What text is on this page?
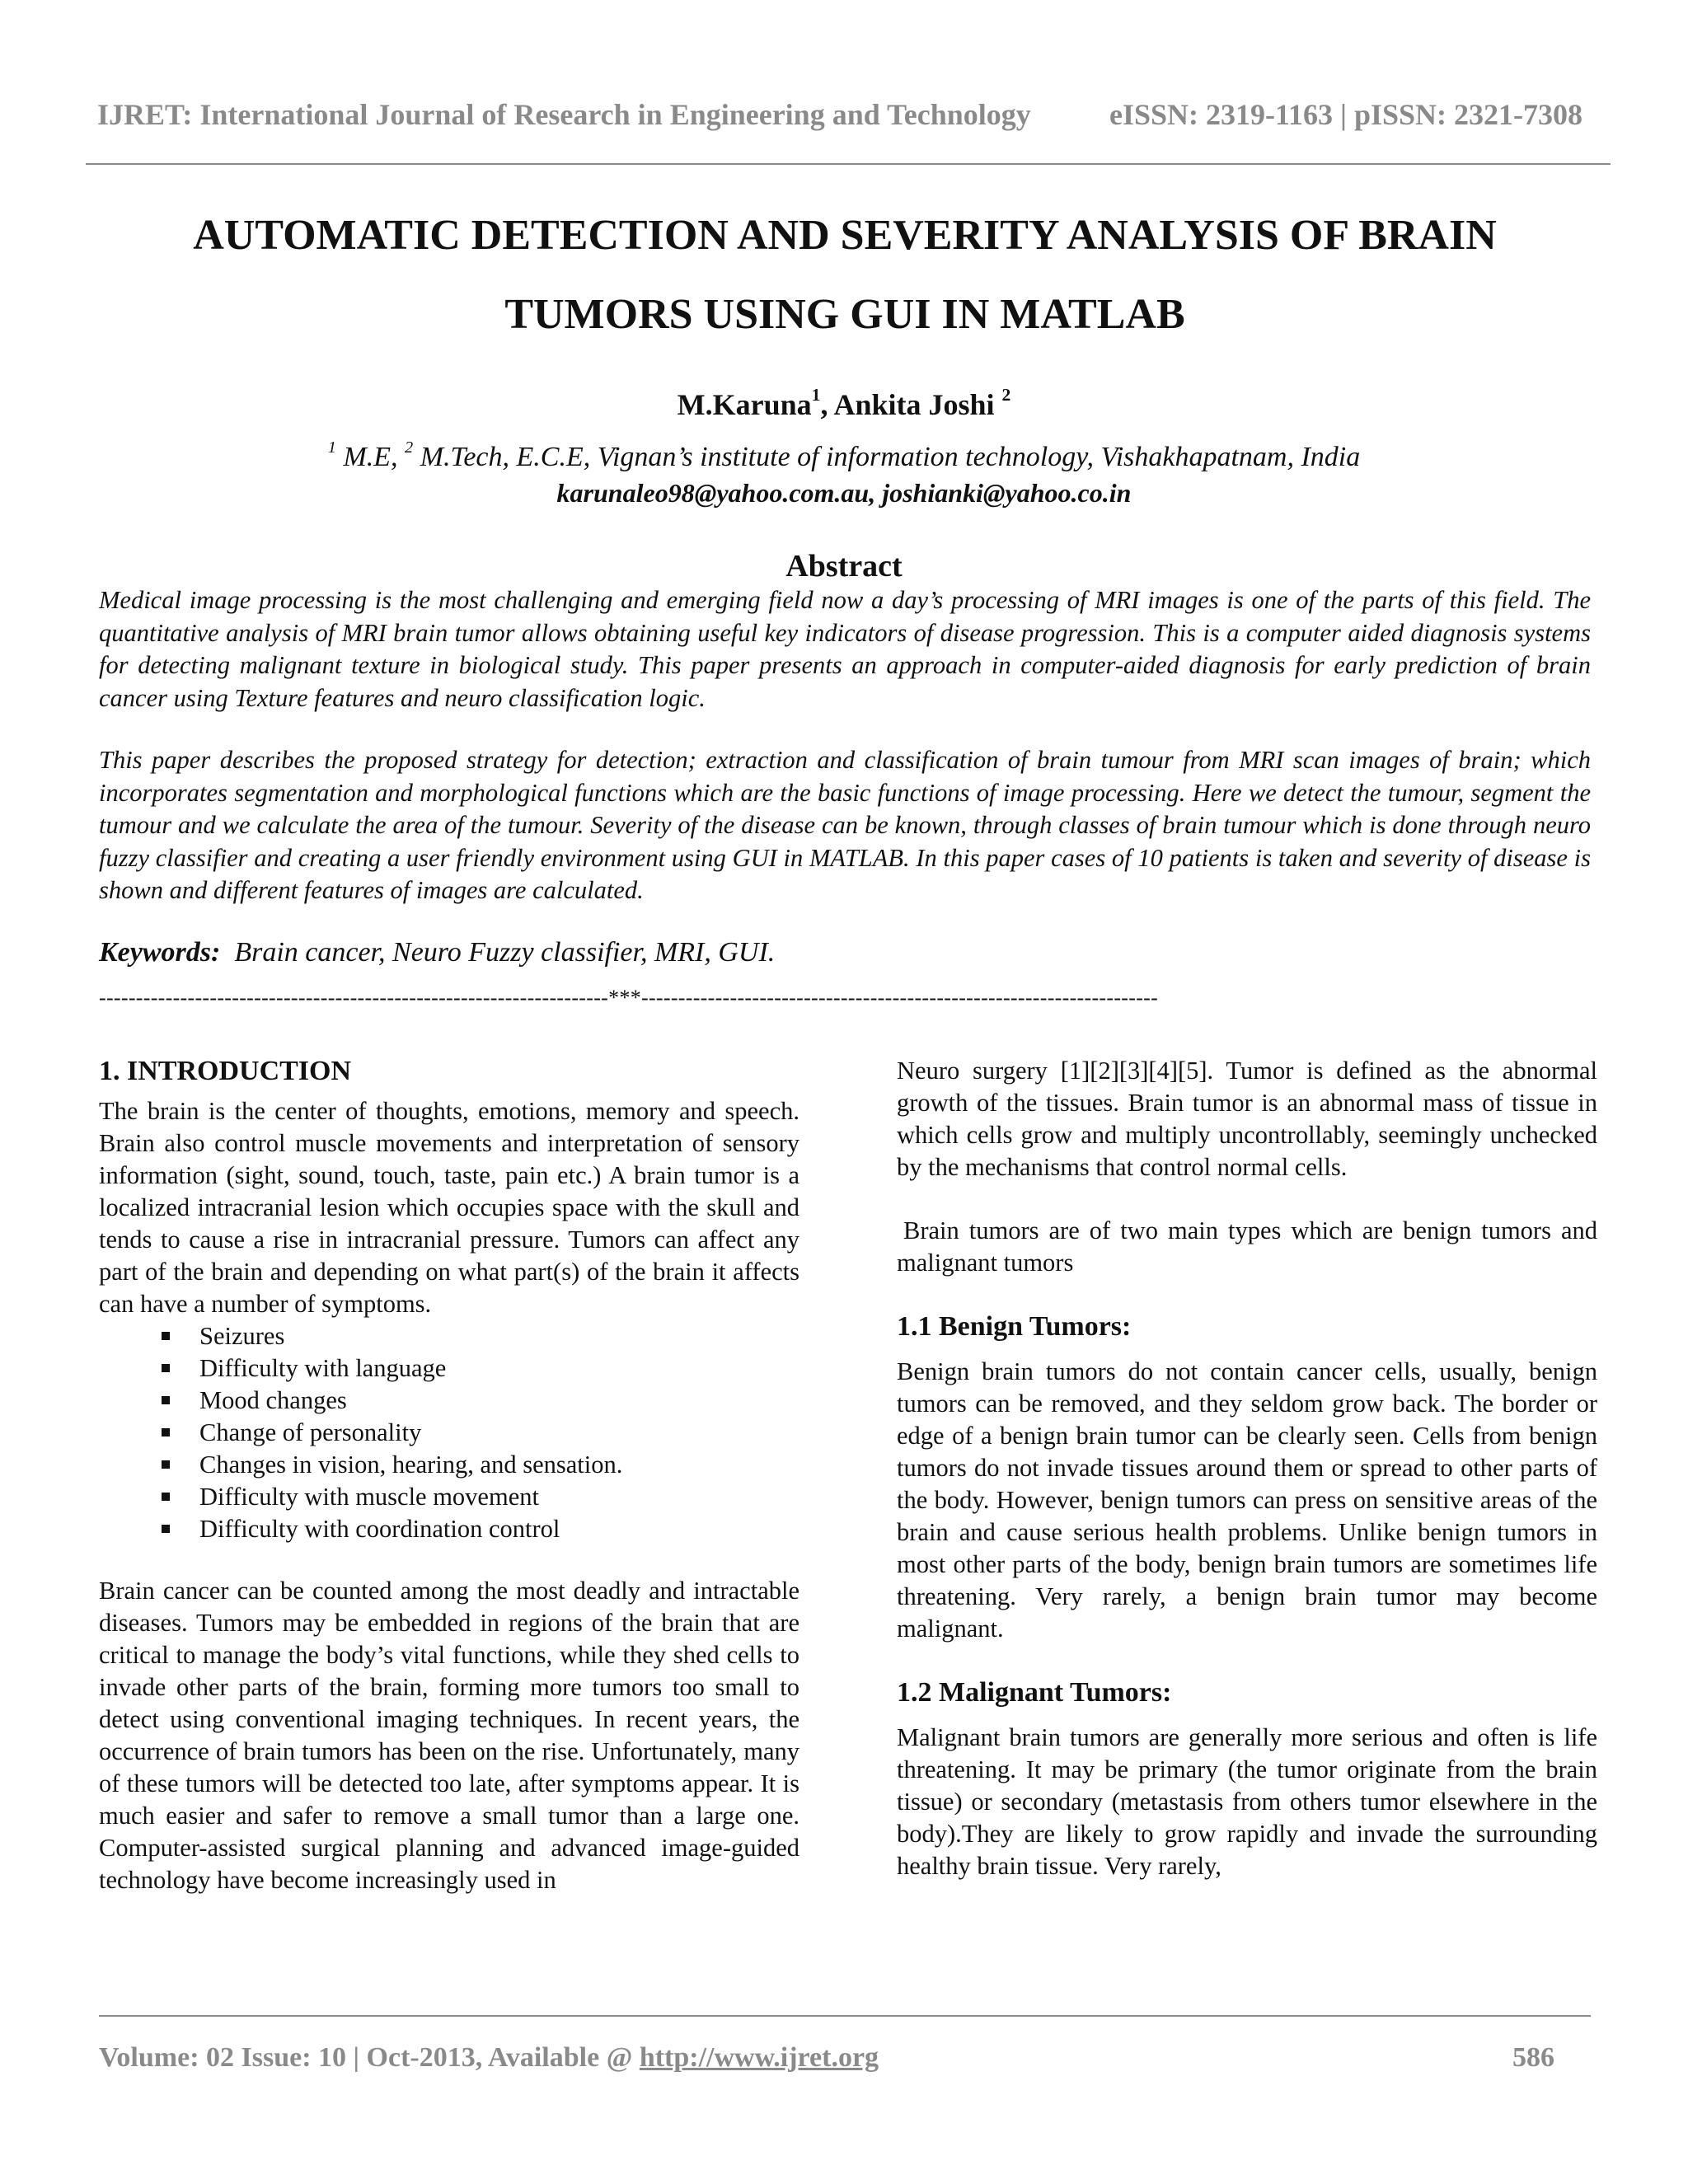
IJRET: International Journal of Research in Engineering and Technology	eISSN: 2319-1163 | pISSN: 2321-7308
AUTOMATIC DETECTION AND SEVERITY ANALYSIS OF BRAIN
TUMORS USING GUI IN MATLAB
M.Karuna$^1$, Ankita Joshi $^2$
$^1$ M.E, $^2$ M.Tech, E.C.E, Vignan’s institute of information technology, Vishakhapatnam, India
karunaleo98@yahoo.com.au, joshianki@yahoo.co.in
Abstract

Medical image processing is the most challenging and emerging field now a day’s processing of MRI images is one of the parts of this field. The quantitative analysis of MRI brain tumor allows obtaining useful key indicators of disease progression. This is a computer aided diagnosis systems for detecting malignant texture in biological study. This paper presents an approach in computer-aided diagnosis for early prediction of brain cancer using Texture features and neuro classification logic.

This paper describes the proposed strategy for detection; extraction and classification of brain tumour from MRI scan images of brain; which incorporates segmentation and morphological functions which are the basic functions of image processing. Here we detect the tumour, segment the tumour and we calculate the area of the tumour. Severity of the disease can be known, through classes of brain tumour which is done through neuro fuzzy classifier and creating a user friendly environment using GUI in MATLAB. In this paper cases of 10 patients is taken and severity of disease is shown and different features of images are calculated.

Keywords: Brain cancer, Neuro Fuzzy classifier, MRI, GUI.
---------------------------------------------------------------------***----------------------------------------------------------------------
1. INTRODUCTION

The brain is the center of thoughts, emotions, memory and speech. Brain also control muscle movements and interpretation of sensory information (sight, sound, touch, taste, pain etc.) A brain tumor is a localized intracranial lesion which occupies space with the skull and tends to cause a rise in intracranial pressure. Tumors can affect any part of the brain and depending on what part(s) of the brain it affects can have a number of symptoms.

Seizures
Difficulty with language
Mood changes
Change of personality
Changes in vision, hearing, and sensation.
Difficulty with muscle movement
Difficulty with coordination control

Brain cancer can be counted among the most deadly and intractable diseases. Tumors may be embedded in regions of the brain that are critical to manage the body’s vital functions, while they shed cells to invade other parts of the brain, forming more tumors too small to detect using conventional imaging techniques. In recent years, the occurrence of brain tumors has been on the rise. Unfortunately, many of these tumors will be detected too late, after symptoms appear. It is much easier and safer to remove a small tumor than a large one. Computer-assisted surgical planning and advanced image-guided technology have become increasingly used in

Neuro surgery [1][2][3][4][5]. Tumor is defined as the abnormal growth of the tissues. Brain tumor is an abnormal mass of tissue in which cells grow and multiply uncontrollably, seemingly unchecked by the mechanisms that control normal cells.

Brain tumors are of two main types which are benign tumors and malignant tumors

1.1 Benign Tumors:

Benign brain tumors do not contain cancer cells, usually, benign tumors can be removed, and they seldom grow back. The border or edge of a benign brain tumor can be clearly seen. Cells from benign tumors do not invade tissues around them or spread to other parts of the body. However, benign tumors can press on sensitive areas of the brain and cause serious health problems. Unlike benign tumors in most other parts of the body, benign brain tumors are sometimes life threatening. Very rarely, a benign brain tumor may become malignant.

1.2 Malignant Tumors:

Malignant brain tumors are generally more serious and often is life threatening. It may be primary (the tumor originate from the brain tissue) or secondary (metastasis from others tumor elsewhere in the body).They are likely to grow rapidly and invade the surrounding healthy brain tissue. Very rarely,

Volume: 02 Issue: 10 | Oct-2013, Available @ http://www.ijret.org	586
